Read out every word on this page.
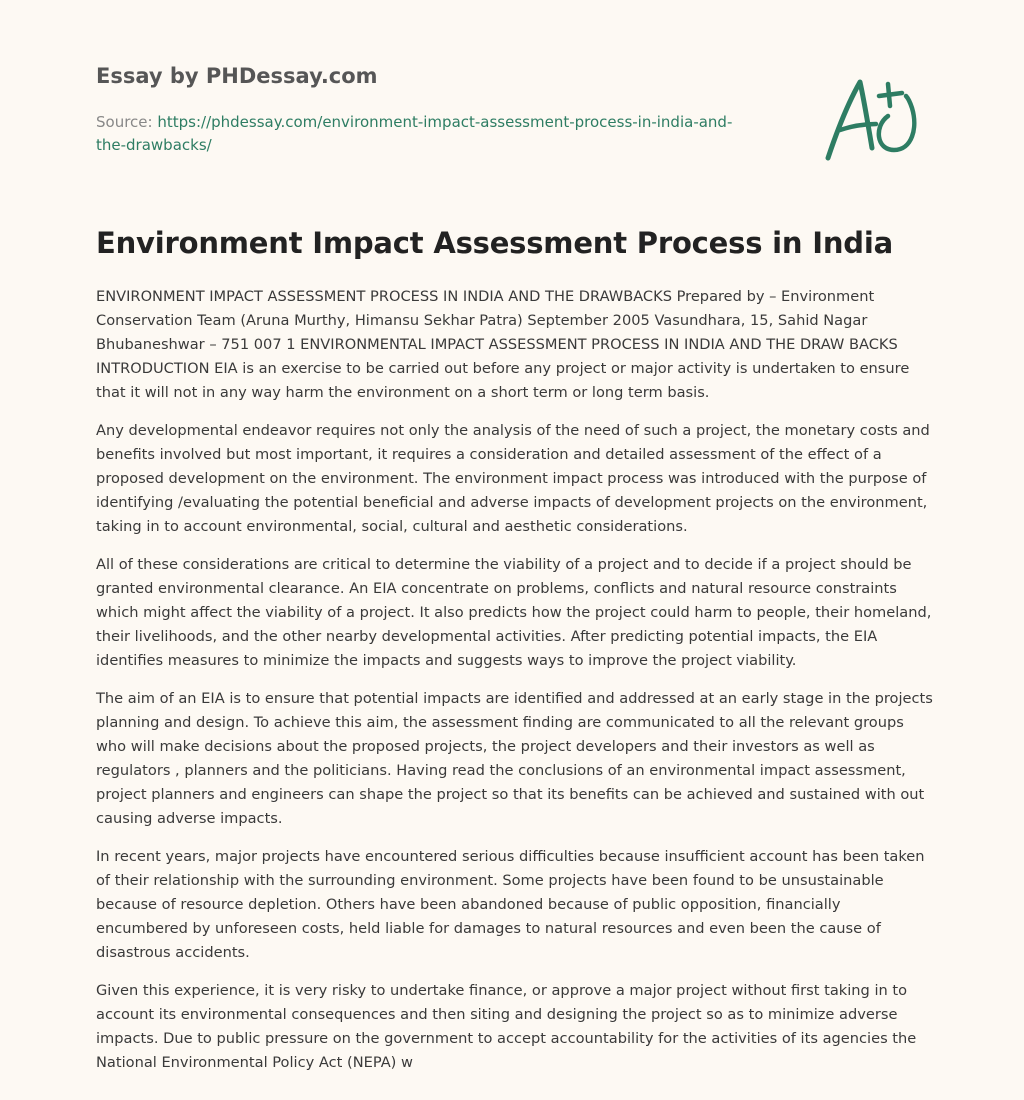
Essay by PHDessay.com

Source: https://phdessay.com/environment-impact-assessment-process-in-india-and-the-drawbacks/

Environment Impact Assessment Process in India

ENVIRONMENT IMPACT ASSESSMENT PROCESS IN INDIA AND THE DRAWBACKS Prepared by – Environment Conservation Team (Aruna Murthy, Himansu Sekhar Patra) September 2005 Vasundhara, 15, Sahid Nagar Bhubaneshwar – 751 007 1 ENVIRONMENTAL IMPACT ASSESSMENT PROCESS IN INDIA AND THE DRAW BACKS INTRODUCTION EIA is an exercise to be carried out before any project or major activity is undertaken to ensure that it will not in any way harm the environment on a short term or long term basis.

Any developmental endeavor requires not only the analysis of the need of such a project, the monetary costs and benefits involved but most important, it requires a consideration and detailed assessment of the effect of a proposed development on the environment. The environment impact process was introduced with the purpose of identifying /evaluating the potential beneficial and adverse impacts of development projects on the environment, taking in to account environmental, social, cultural and aesthetic considerations.

All of these considerations are critical to determine the viability of a project and to decide if a project should be granted environmental clearance. An EIA concentrate on problems, conflicts and natural resource constraints which might affect the viability of a project. It also predicts how the project could harm to people, their homeland, their livelihoods, and the other nearby developmental activities. After predicting potential impacts, the EIA identifies measures to minimize the impacts and suggests ways to improve the project viability.

The aim of an EIA is to ensure that potential impacts are identified and addressed at an early stage in the projects planning and design. To achieve this aim, the assessment finding are communicated to all the relevant groups who will make decisions about the proposed projects, the project developers and their investors as well as regulators , planners and the politicians. Having read the conclusions of an environmental impact assessment, project planners and engineers can shape the project so that its benefits can be achieved and sustained with out causing adverse impacts.

In recent years, major projects have encountered serious difficulties because insufficient account has been taken of their relationship with the surrounding environment. Some projects have been found to be unsustainable because of resource depletion. Others have been abandoned because of public opposition, financially encumbered by unforeseen costs, held liable for damages to natural resources and even been the cause of disastrous accidents.

Given this experience, it is very risky to undertake finance, or approve a major project without first taking in to account its environmental consequences and then siting and designing the project so as to minimize adverse impacts. Due to public pressure on the government to accept accountability for the activities of its agencies the National Environmental Policy Act (NEPA) w
